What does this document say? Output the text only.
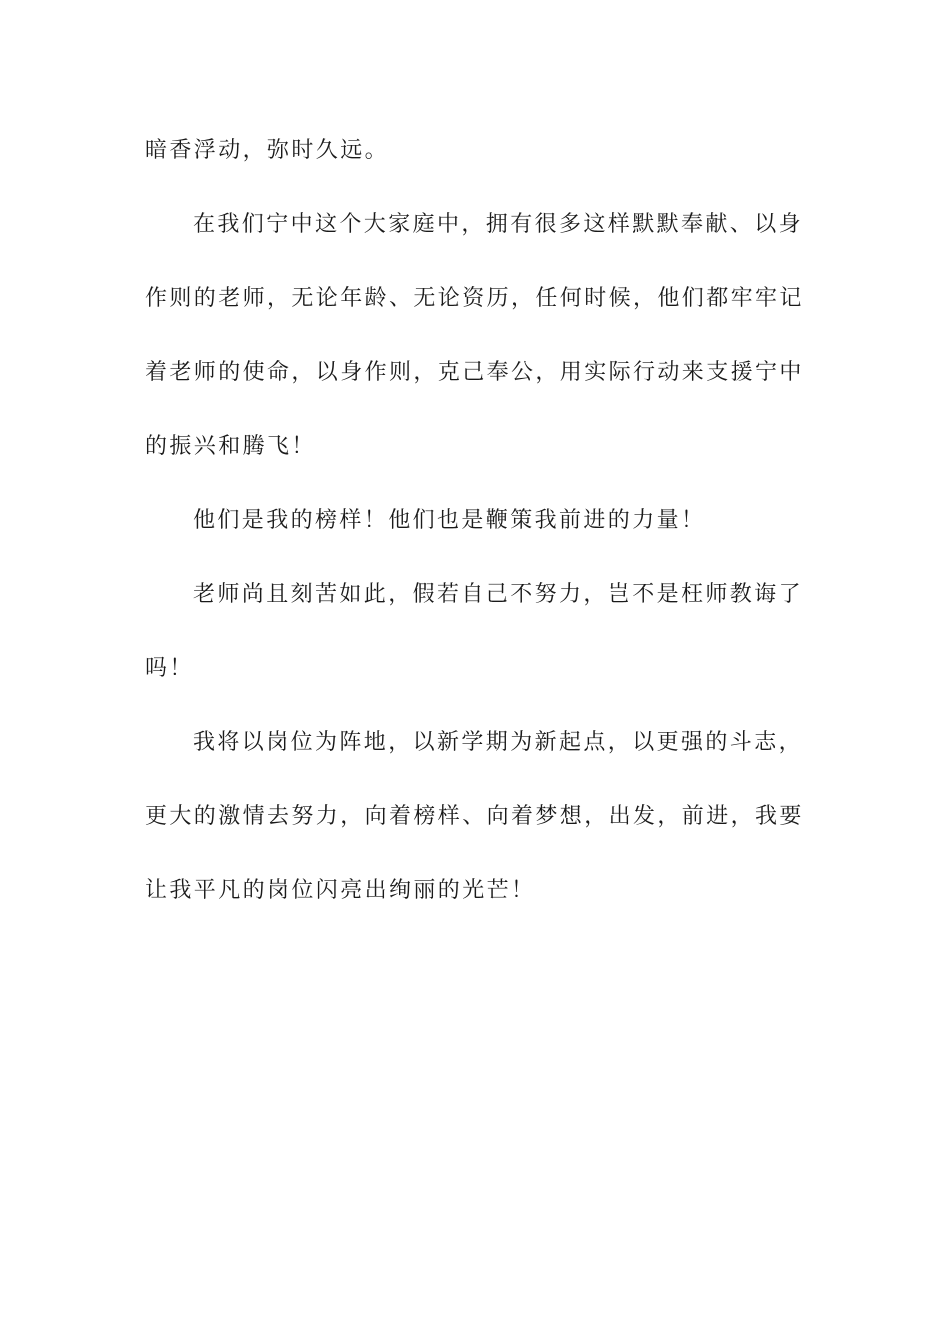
暗香浮动，弥时久远。
在我们宁中这个大家庭中，拥有很多这样默默奉献、以身
作则的老师，无论年龄、无论资历，任何时候，他们都牢牢记
着老师的使命，以身作则，克己奉公，用实际行动来支援宁中
的振兴和腾飞！
他们是我的榜样！他们也是鞭策我前进的力量！
老师尚且刻苦如此，假若自己不努力，岂不是枉师教诲了
吗！
我将以岗位为阵地，以新学期为新起点，以更强的斗志，
更大的激情去努力，向着榜样、向着梦想，出发，前进，我要
让我平凡的岗位闪亮出绚丽的光芒！
